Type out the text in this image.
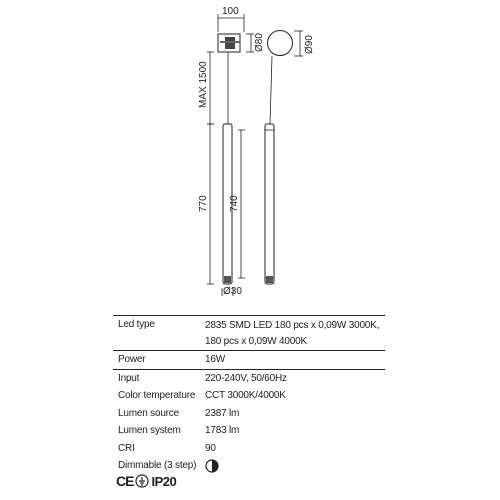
100
Ø80	Ø90
MAX 1500
770 740
Ø30
Led type	2835 SMD LED 180 pcs x 0,09W 3000K,
180 pcs x 0,09W 4000K
Power	16W
Input	220-240V, 50/60Hz
Color temperature CCT 3000K/4000K
Lumen source	2387 lm
Lumen system 1783 lm
CRI	90
Dimmable (3 step)
CE IP20
